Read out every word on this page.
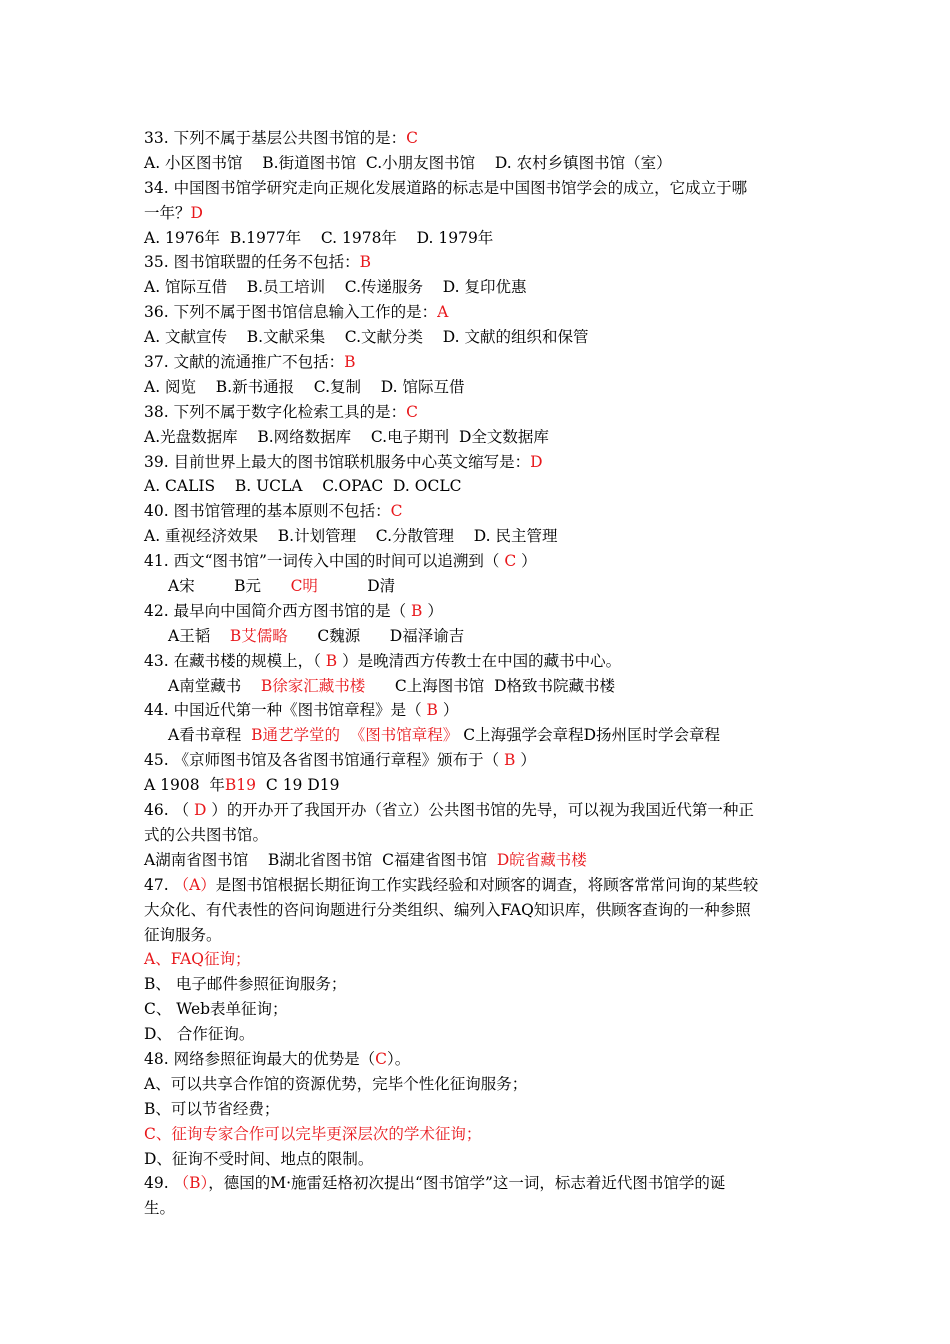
33. 下列不属于基层公共图书馆的是：C
A. 小区图书馆    B.街道图书馆  C.小朋友图书馆    D. 农村乡镇图书馆（室）
34. 中国图书馆学研究走向正规化发展道路的标志是中国图书馆学会的成立，它成立于哪
一年？D
A. 1976年  B.1977年    C. 1978年    D. 1979年
35. 图书馆联盟的任务不包括：B
A. 馆际互借    B.员工培训    C.传递服务    D. 复印优惠
36. 下列不属于图书馆信息输入工作的是：A
A. 文献宣传    B.文献采集    C.文献分类    D. 文献的组织和保管
37. 文献的流通推广不包括：B
A. 阅览    B.新书通报    C.复制    D. 馆际互借
38. 下列不属于数字化检索工具的是：C
A.光盘数据库    B.网络数据库    C.电子期刊  D全文数据库
39. 目前世界上最大的图书馆联机服务中心英文缩写是：D
A. CALIS    B. UCLA    C.OPAC  D. OCLC
40. 图书馆管理的基本原则不包括：C
A. 重视经济效果    B.计划管理    C.分散管理    D. 民主管理
41. 西文“图书馆”一词传入中国的时间可以追溯到（ C ）
A宋        B元      C明          D清
42. 最早向中国简介西方图书馆的是（ B ）
A王韬    B艾儒略      C魏源      D福泽谕吉
43. 在藏书楼的规模上，（ B ）是晚清西方传教士在中国的藏书中心。
A南堂藏书    B徐家汇藏书楼      C上海图书馆  D格致书院藏书楼
44. 中国近代第一种《图书馆章程》是（ B ）
A看书章程  B通艺学堂的  《图书馆章程》 C上海强学会章程D扬州匡时学会章程
45. 《京师图书馆及各省图书馆通行章程》颁布于（ B ）
A 1908  年B19  C 19 D19
46. （ D ）的开办开了我国开办（省立）公共图书馆的先导，可以视为我国近代第一种正
式的公共图书馆。
A湖南省图书馆    B湖北省图书馆  C福建省图书馆  D皖省藏书楼
47. （A）是图书馆根据长期征询工作实践经验和对顾客的调查，将顾客常常问询的某些较
大众化、有代表性的咨问询题进行分类组织、编列入FAQ知识库，供顾客查询的一种参照
征询服务。
A、FAQ征询；
B、 电子邮件参照征询服务；
C、 Web表单征询；
D、 合作征询。
48. 网络参照征询最大的优势是（C）。
A、可以共享合作馆的资源优势，完毕个性化征询服务；
B、可以节省经费；
C、征询专家合作可以完毕更深层次的学术征询；
D、征询不受时间、地点的限制。
49. （B），德国的M·施雷廷格初次提出“图书馆学”这一词，标志着近代图书馆学的诞
生。
